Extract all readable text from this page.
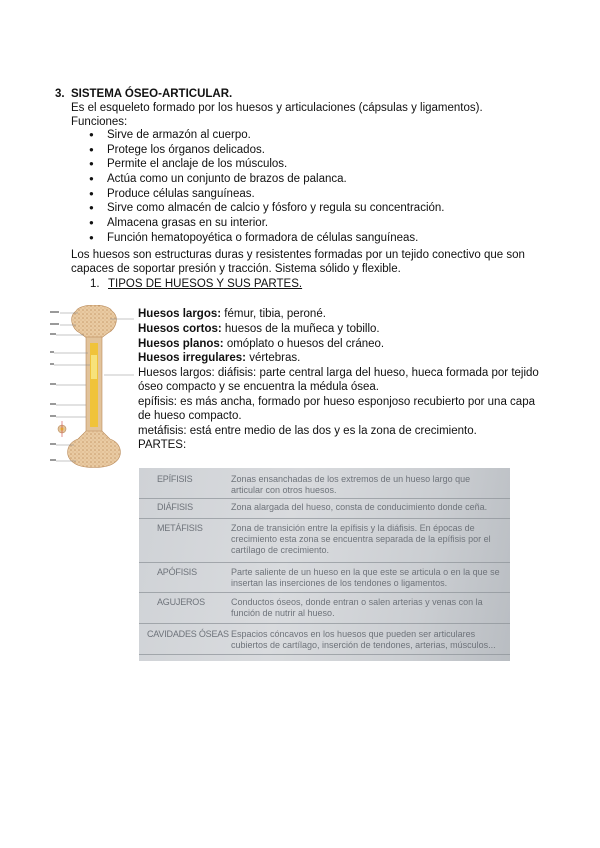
3. SISTEMA ÓSEO-ARTICULAR.
Es el esqueleto formado por los huesos y articulaciones (cápsulas y ligamentos).
Funciones:
● Sirve de armazón al cuerpo.
● Protege los órganos delicados.
● Permite el anclaje de los músculos.
● Actúa como un conjunto de brazos de palanca.
● Produce células sanguíneas.
● Sirve como almacén de calcio y fósforo y regula su concentración.
● Almacena grasas en su interior.
● Función hematopoyética o formadora de células sanguíneas.
Los huesos son estructuras duras y resistentes formadas por un tejido conectivo que son
capaces de soportar presión y tracción. Sistema sólido y flexible.
1. TIPOS DE HUESOS Y SUS PARTES.
Huesos largos: fémur, tibia, peroné.
Huesos cortos: huesos de la muñeca y tobillo.
Huesos planos: omóplato o huesos del cráneo.
Huesos irregulares: vértebras.
Huesos largos: diáfisis: parte central larga del hueso, hueca formada por tejido
óseo compacto y se encuentra la médula ósea.
epífisis: es más ancha, formado por hueso esponjoso recubierto por una capa
de hueso compacto.
metáfisis: está entre medio de las dos y es la zona de crecimiento.
PARTES:
EPÍFISIS	Zonas ensanchadas de los extremos de un hueso largo que articular con otros huesos.
DIÁFISIS	Zona alargada del hueso, consta de conducimiento donde ceña.
METÁFISIS	Zona de transición entre la epífisis y la diáfisis. En épocas de crecimiento esta zona se encuentra separada de la epífisis por el cartílago de crecimiento.
APÓFISIS	Parte saliente de un hueso en la que este se articula o en la que se insertan las inserciones de los tendones o ligamentos.
AGUJEROS	Conductos óseos, donde entran o salen arterias y venas con la función de nutrir al hueso.
CAVIDADES ÓSEAS Espacios cóncavos en los huesos que pueden ser articulares cubiertos de cartílago, inserción de tendones, arterias, músculos...
